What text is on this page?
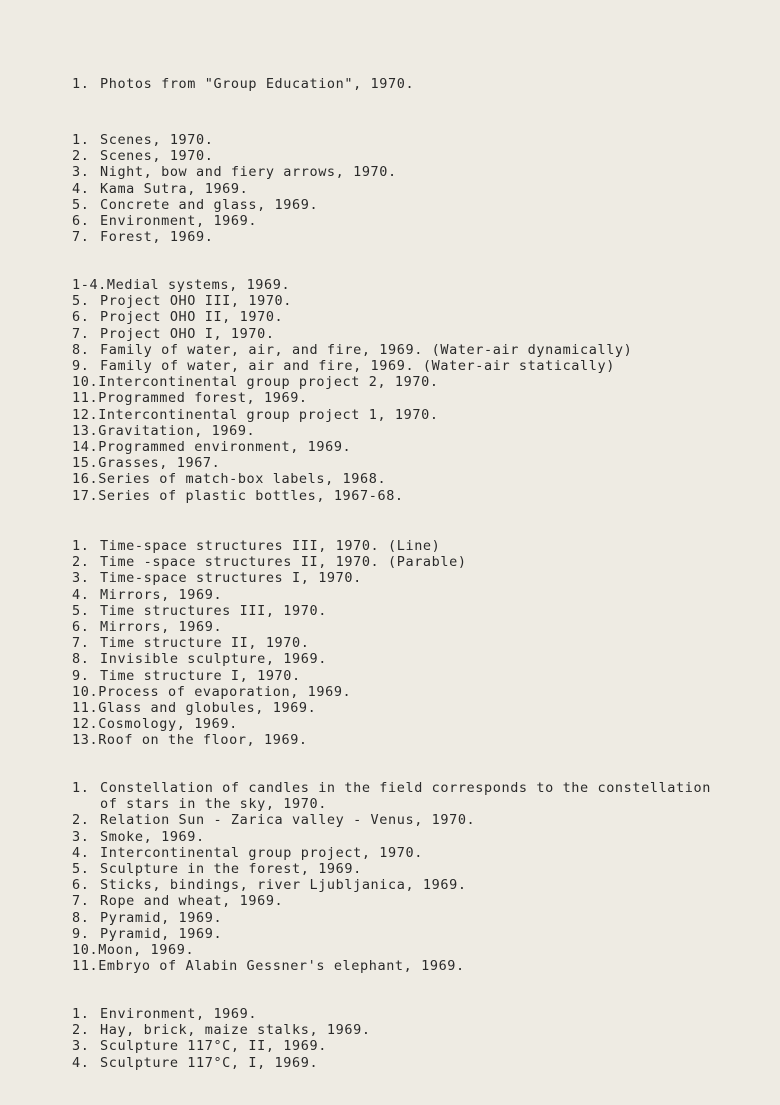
1. Photos from "Group Education", 1970.
1. Scenes, 1970.
2. Scenes, 1970.
3. Night, bow and fiery arrows, 1970.
4. Kama Sutra, 1969.
5. Concrete and glass, 1969.
6. Environment, 1969.
7. Forest, 1969.
1-4.Medial systems, 1969.
5. Project OHO III, 1970.
6. Project OHO II, 1970.
7. Project OHO I, 1970.
8. Family of water, air, and fire, 1969. (Water-air dynamically)
9. Family of water, air and fire, 1969. (Water-air statically)
10.Intercontinental group project 2, 1970.
11.Programmed forest, 1969.
12.Intercontinental group project 1, 1970.
13.Gravitation, 1969.
14.Programmed environment, 1969.
15.Grasses, 1967.
16.Series of match-box labels, 1968.
17.Series of plastic bottles, 1967-68.
1. Time-space structures III, 1970. (Line)
2. Time -space structures II, 1970. (Parable)
3. Time-space structures I, 1970.
4. Mirrors, 1969.
5. Time structures III, 1970.
6. Mirrors, 1969.
7. Time structure II, 1970.
8. Invisible sculpture, 1969.
9. Time structure I, 1970.
10.Process of evaporation, 1969.
11.Glass and globules, 1969.
12.Cosmology, 1969.
13.Roof on the floor, 1969.
1. Constellation of candles in the field corresponds to the constellation
of stars in the sky, 1970.
2. Relation Sun - Zarica valley - Venus, 1970.
3. Smoke, 1969.
4. Intercontinental group project, 1970.
5. Sculpture in the forest, 1969.
6. Sticks, bindings, river Ljubljanica, 1969.
7. Rope and wheat, 1969.
8. Pyramid, 1969.
9. Pyramid, 1969.
10.Moon, 1969.
11.Embryo of Alabin Gessner's elephant, 1969.
1. Environment, 1969.
2. Hay, brick, maize stalks, 1969.
3. Sculpture 117°C, II, 1969.
4. Sculpture 117°C, I, 1969.
